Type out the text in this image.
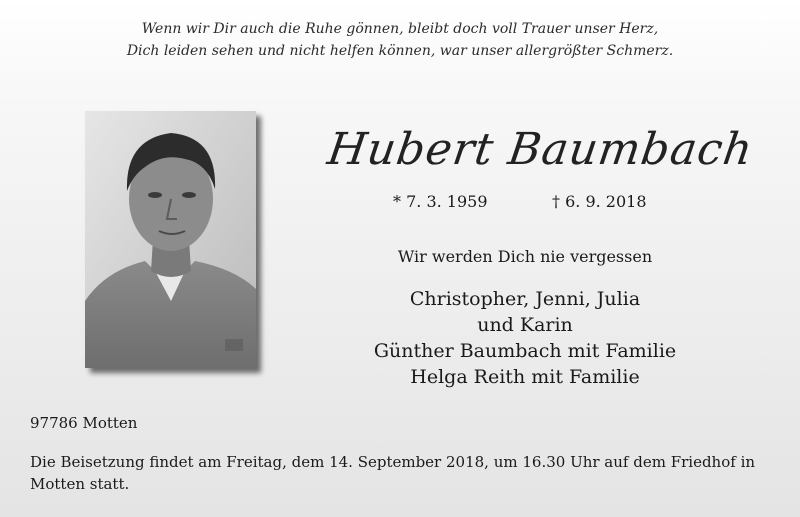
Wenn wir Dir auch die Ruhe gönnen, bleibt doch voll Trauer unser Herz,
Dich leiden sehen und nicht helfen können, war unser allergrößter Schmerz.
Hubert Baumbach
* 7. 3. 1959	† 6. 9. 2018
Wir werden Dich nie vergessen
Christopher, Jenni, Julia
und Karin
Günther Baumbach mit Familie
Helga Reith mit Familie
97786 Motten
Die Beisetzung findet am Freitag, dem 14. September 2018, um 16.30 Uhr auf dem Friedhof in Motten statt.
